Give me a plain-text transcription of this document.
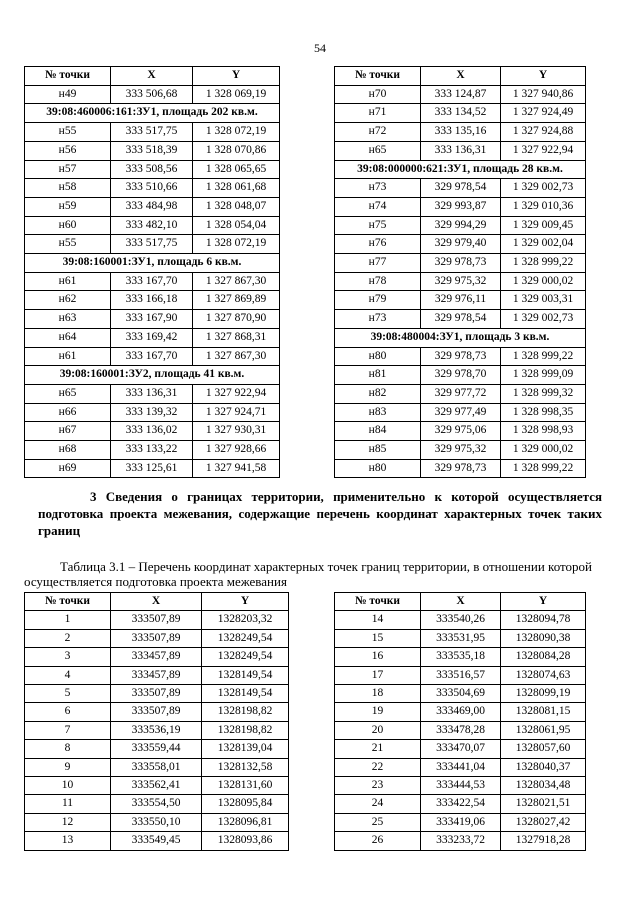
54
№ точки	X	Y
н49	333 506,68	1 328 069,19
39:08:460006:161:ЗУ1, площадь 202 кв.м.		
н55	333 517,75	1 328 072,19
н56	333 518,39	1 328 070,86
н57	333 508,56	1 328 065,65
н58	333 510,66	1 328 061,68
н59	333 484,98	1 328 048,07
н60	333 482,10	1 328 054,04
н55	333 517,75	1 328 072,19
39:08:160001:ЗУ1, площадь 6 кв.м.		
н61	333 167,70	1 327 867,30
н62	333 166,18	1 327 869,89
н63	333 167,90	1 327 870,90
н64	333 169,42	1 327 868,31
н61	333 167,70	1 327 867,30
39:08:160001:ЗУ2, площадь 41 кв.м.		
н65	333 136,31	1 327 922,94
н66	333 139,32	1 327 924,71
н67	333 136,02	1 327 930,31
н68	333 133,22	1 327 928,66
н69	333 125,61	1 327 941,58
№ точки	X	Y
н70	333 124,87	1 327 940,86
н71	333 134,52	1 327 924,49
н72	333 135,16	1 327 924,88
н65	333 136,31	1 327 922,94
39:08:000000:621:ЗУ1, площадь 28 кв.м.		
н73	329 978,54	1 329 002,73
н74	329 993,87	1 329 010,36
н75	329 994,29	1 329 009,45
н76	329 979,40	1 329 002,04
н77	329 978,73	1 328 999,22
н78	329 975,32	1 329 000,02
н79	329 976,11	1 329 003,31
н73	329 978,54	1 329 002,73
39:08:480004:ЗУ1, площадь 3 кв.м.		
н80	329 978,73	1 328 999,22
н81	329 978,70	1 328 999,09
н82	329 977,72	1 328 999,32
н83	329 977,49	1 328 998,35
н84	329 975,06	1 328 998,93
н85	329 975,32	1 329 000,02
н80	329 978,73	1 328 999,22
3 Сведения о границах территории, применительно к которой осуществляется подготовка проекта межевания, содержащие перечень координат характерных точек таких границ
Таблица 3.1 – Перечень координат характерных точек границ территории, в отношении которой осуществляется подготовка проекта межевания
№ точки	X	Y
1	333507,89	1328203,32
2	333507,89	1328249,54
3	333457,89	1328249,54
4	333457,89	1328149,54
5	333507,89	1328149,54
6	333507,89	1328198,82
7	333536,19	1328198,82
8	333559,44	1328139,04
9	333558,01	1328132,58
10	333562,41	1328131,60
11	333554,50	1328095,84
12	333550,10	1328096,81
13	333549,45	1328093,86
№ точки	X	Y
14	333540,26	1328094,78
15	333531,95	1328090,38
16	333535,18	1328084,28
17	333516,57	1328074,63
18	333504,69	1328099,19
19	333469,00	1328081,15
20	333478,28	1328061,95
21	333470,07	1328057,60
22	333441,04	1328040,37
23	333444,53	1328034,48
24	333422,54	1328021,51
25	333419,06	1328027,42
26	333233,72	1327918,28
